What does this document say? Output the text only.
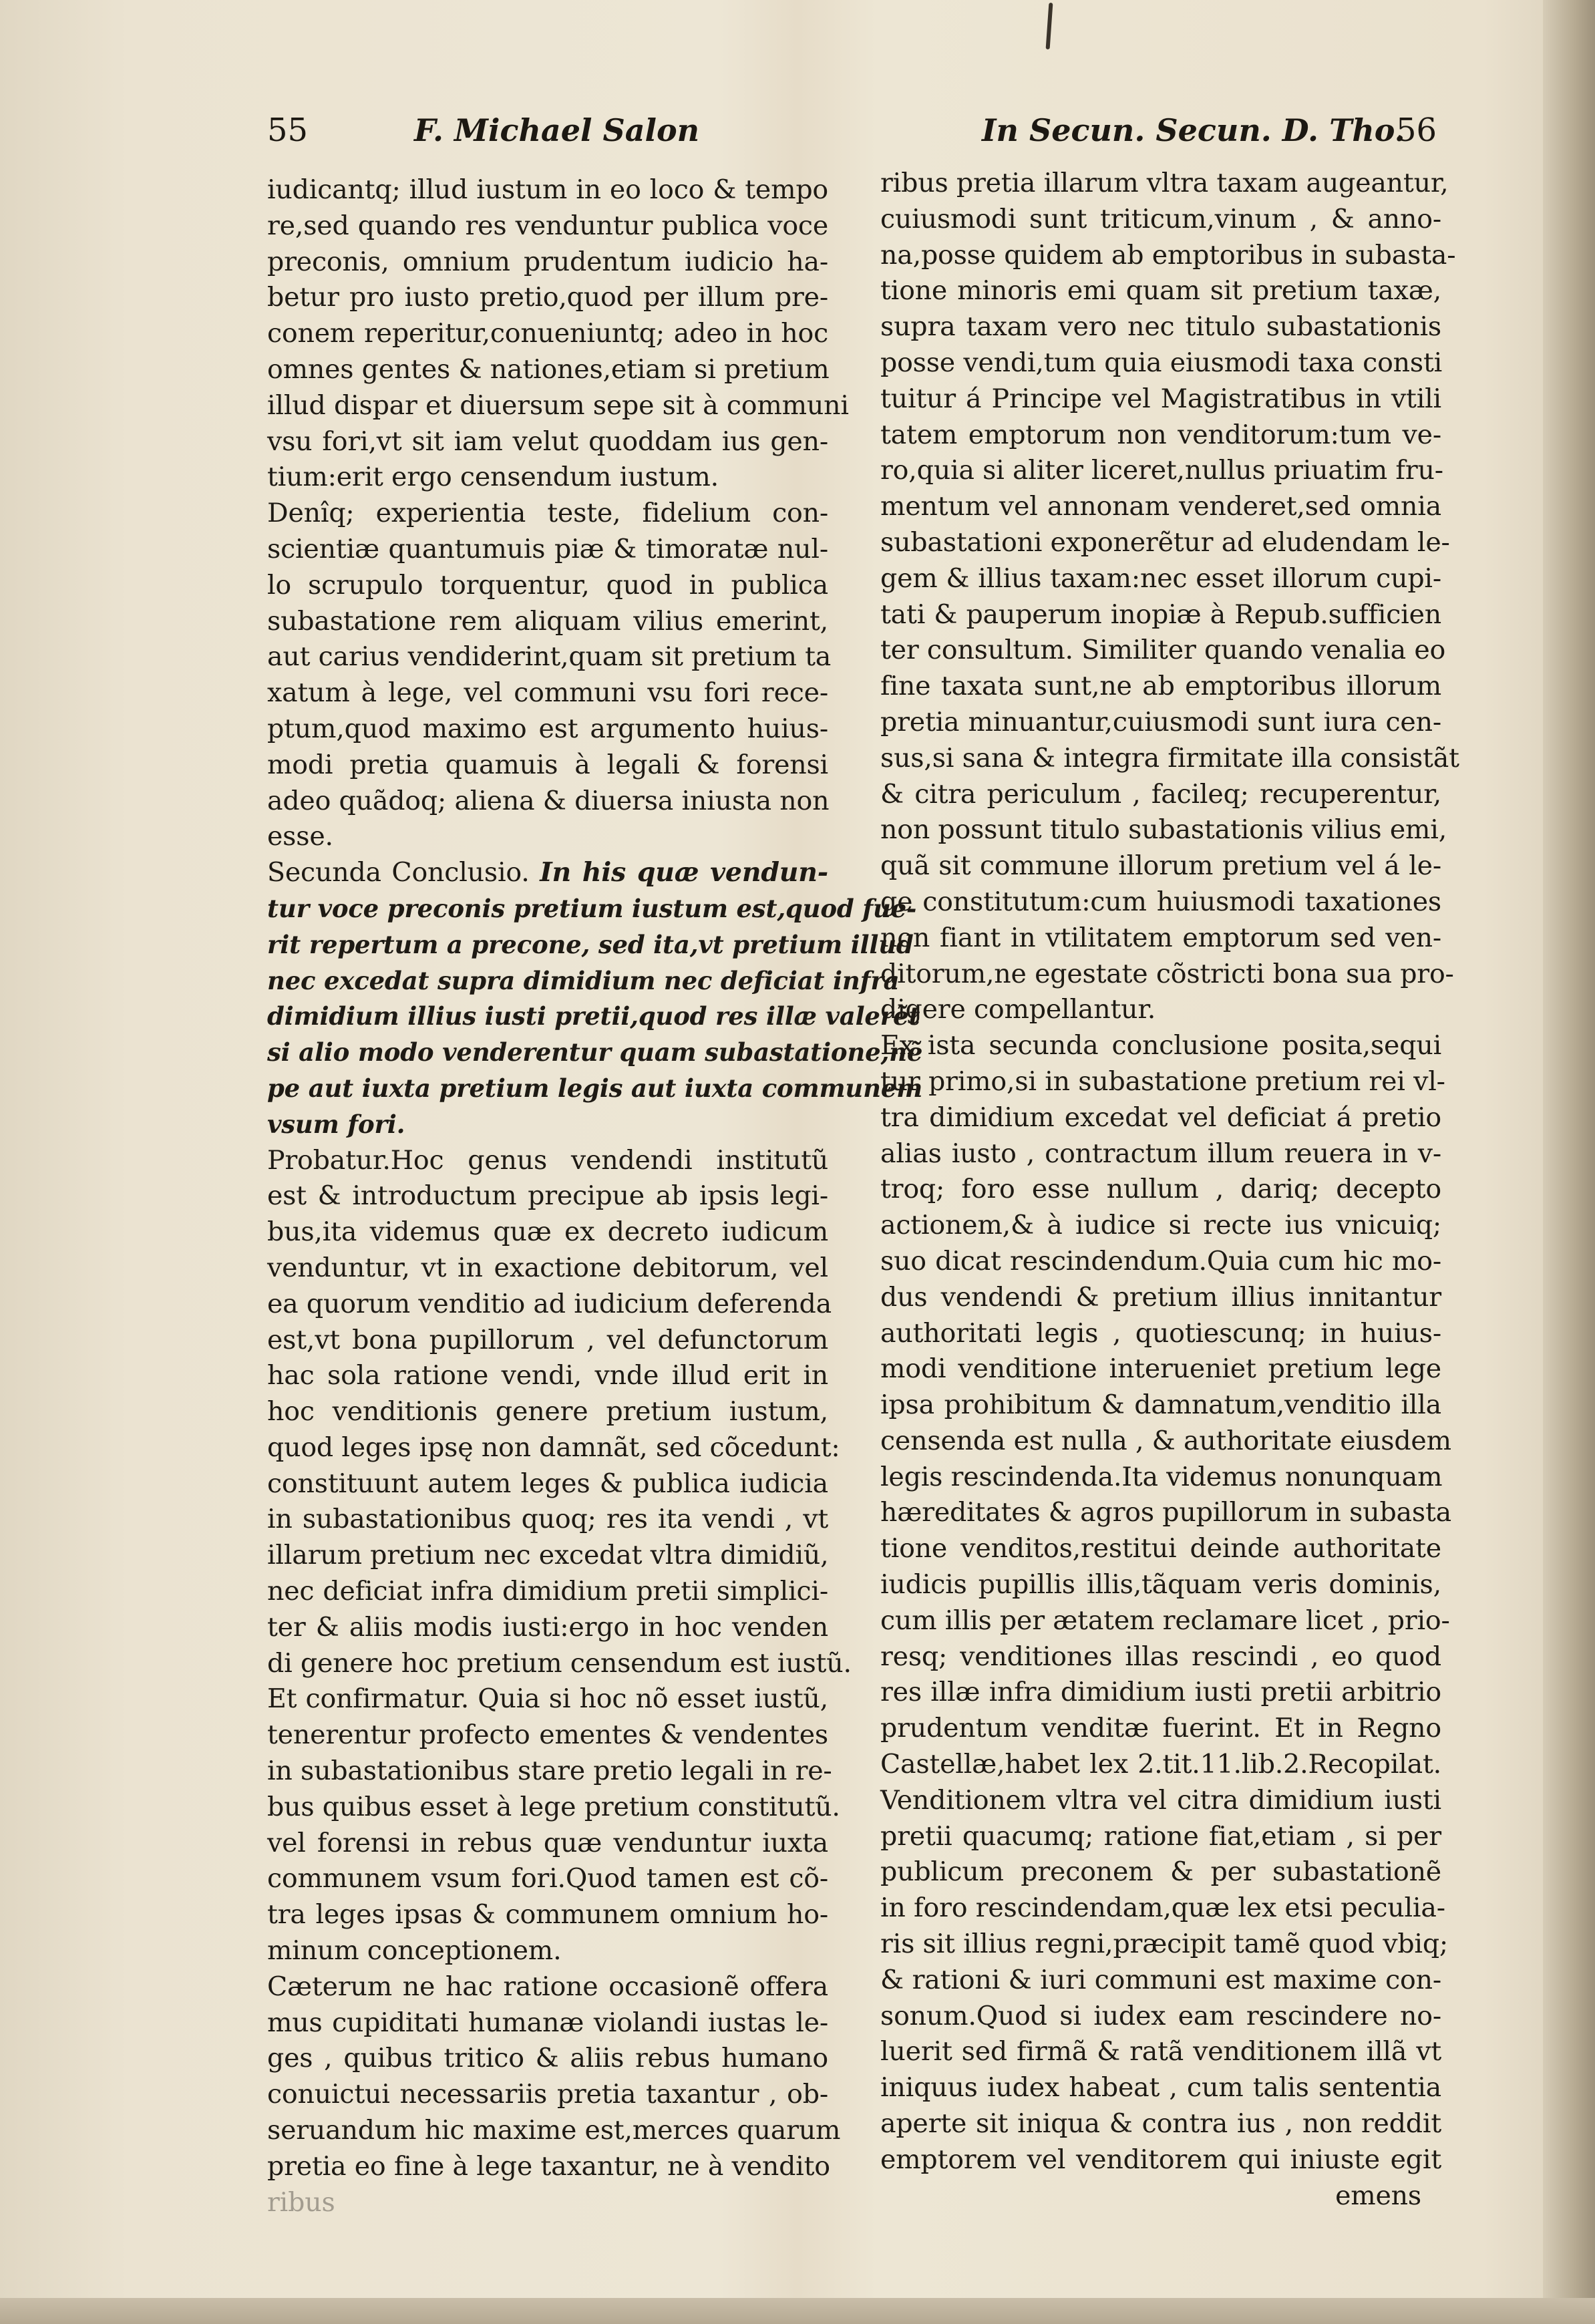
55	F. Michael Salon	In Secun. Secun. D. Tho.
56
iudicantq; illud iustum in eo loco & tempo
re,sed quando res venduntur publica voce
preconis, omnium prudentum iudicio ha-
betur pro iusto pretio,quod per illum pre-
conem reperitur,conueniuntq; adeo in hoc
omnes gentes & nationes,etiam si pretium
illud dispar et diuersum sepe sit à communi
vsu fori,vt sit iam velut quoddam ius gen-
tium:erit ergo censendum iustum.
Denîq; experientia teste, fidelium con-
scientiæ quantumuis piæ & timoratæ nul-
lo scrupulo torquentur, quod in publica
subastatione rem aliquam vilius emerint,
aut carius vendiderint,quam sit pretium ta
xatum à lege, vel communi vsu fori rece-
ptum,quod maximo est argumento huius-
modi pretia quamuis à legali & forensi
adeo quãdoq; aliena & diuersa iniusta non
esse.
Secunda Conclusio. In his quæ vendun-
tur voce preconis pretium iustum est,quod fue-
rit repertum a precone, sed ita,vt pretium illud
nec excedat supra dimidium nec deficiat infra
dimidium illius iusti pretii,quod res illæ valerẽt
si alio modo venderentur quam subastatione,nẽ
pe aut iuxta pretium legis aut iuxta communem
vsum fori.
Probatur.Hoc genus vendendi institutũ
est & introductum precipue ab ipsis legi-
bus,ita videmus quæ ex decreto iudicum
venduntur, vt in exactione debitorum, vel
ea quorum venditio ad iudicium deferenda
est,vt bona pupillorum , vel defunctorum
hac sola ratione vendi, vnde illud erit in
hoc venditionis genere pretium iustum,
quod leges ipsę non damnãt, sed cõcedunt:
constituunt autem leges & publica iudicia
in subastationibus quoq; res ita vendi , vt
illarum pretium nec excedat vltra dimidiũ,
nec deficiat infra dimidium pretii simplici-
ter & aliis modis iusti:ergo in hoc venden
di genere hoc pretium censendum est iustũ.
Et confirmatur. Quia si hoc nõ esset iustũ,
tenerentur profecto ementes & vendentes
in subastationibus stare pretio legali in re-
bus quibus esset à lege pretium constitutũ.
vel forensi in rebus quæ venduntur iuxta
communem vsum fori.Quod tamen est cõ-
tra leges ipsas & communem omnium ho-
minum conceptionem.
Cæterum ne hac ratione occasionẽ offera
mus cupiditati humanæ violandi iustas le-
ges , quibus tritico & aliis rebus humano
conuictui necessariis pretia taxantur , ob-
seruandum hic maxime est,merces quarum
pretia eo fine à lege taxantur, ne à vendito
ribus
ribus pretia illarum vltra taxam augeantur,
cuiusmodi sunt triticum,vinum , & anno-
na,posse quidem ab emptoribus in subasta-
tione minoris emi quam sit pretium taxæ,
supra taxam vero nec titulo subastationis
posse vendi,tum quia eiusmodi taxa consti
tuitur á Principe vel Magistratibus in vtili
tatem emptorum non venditorum:tum ve-
ro,quia si aliter liceret,nullus priuatim fru-
mentum vel annonam venderet,sed omnia
subastationi exponerẽtur ad eludendam le-
gem & illius taxam:nec esset illorum cupi-
tati & pauperum inopiæ à Repub.sufficien
ter consultum. Similiter quando venalia eo
fine taxata sunt,ne ab emptoribus illorum
pretia minuantur,cuiusmodi sunt iura cen-
sus,si sana & integra firmitate illa consistãt
& citra periculum , facileq; recuperentur,
non possunt titulo subastationis vilius emi,
quã sit commune illorum pretium vel á le-
ge constitutum:cum huiusmodi taxationes
non fiant in vtilitatem emptorum sed ven-
ditorum,ne egestate cõstricti bona sua pro-
digere compellantur.
Ex ista secunda conclusione posita,sequi
tur primo,si in subastatione pretium rei vl-
tra dimidium excedat vel deficiat á pretio
alias iusto , contractum illum reuera in v-
troq; foro esse nullum , dariq; decepto
actionem,& à iudice si recte ius vnicuiq;
suo dicat rescindendum.Quia cum hic mo-
dus vendendi & pretium illius innitantur
authoritati legis , quotiescunq; in huius-
modi venditione interueniet pretium lege
ipsa prohibitum & damnatum,venditio illa
censenda est nulla , & authoritate eiusdem
legis rescindenda.Ita videmus nonunquam
hæreditates & agros pupillorum in subasta
tione venditos,restitui deinde authoritate
iudicis pupillis illis,tãquam veris dominis,
cum illis per ætatem reclamare licet , prio-
resq; venditiones illas rescindi , eo quod
res illæ infra dimidium iusti pretii arbitrio
prudentum venditæ fuerint. Et in Regno
Castellæ,habet lex 2.tit.11.lib.2.Recopilat.
Venditionem vltra vel citra dimidium iusti
pretii quacumq; ratione fiat,etiam , si per
publicum preconem & per subastationẽ
in foro rescindendam,quæ lex etsi peculia-
ris sit illius regni,præcipit tamẽ quod vbiq;
& rationi & iuri communi est maxime con-
sonum.Quod si iudex eam rescindere no-
luerit sed firmã & ratã venditionem illã vt
iniquus iudex habeat , cum talis sententia
aperte sit iniqua & contra ius , non reddit
emptorem vel venditorem qui iniuste egit
emens
